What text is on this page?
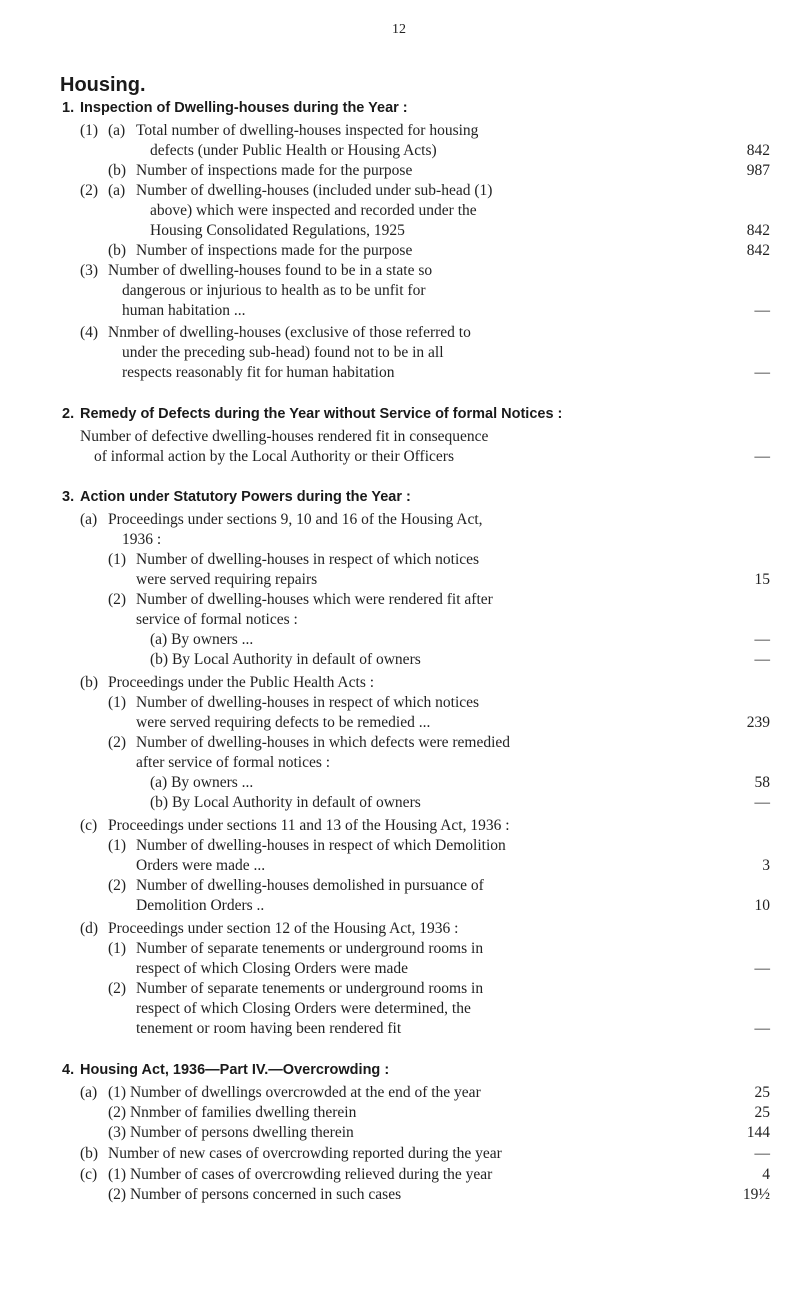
12
Housing.
1. Inspection of Dwelling-houses during the Year :
(1) (a) Total number of dwelling-houses inspected for housing
defects (under Public Health or Housing Acts)	842
(b) Number of inspections made for the purpose	987
(2) (a) Number of dwelling-houses (included under sub-head (1)
above) which were inspected and recorded under the
Housing Consolidated Regulations, 1925	842
(b) Number of inspections made for the purpose	842
(3) Number of dwelling-houses found to be in a state so
dangerous or injurious to health as to be unfit for
human habitation ...	—
(4) Nnmber of dwelling-houses (exclusive of those referred to
under the preceding sub-head) found not to be in all
respects reasonably fit for human habitation	—
2. Remedy of Defects during the Year without Service of formal Notices :
Number of defective dwelling-houses rendered fit in consequence
of informal action by the Local Authority or their Officers	—
3. Action under Statutory Powers during the Year :
(a) Proceedings under sections 9, 10 and 16 of the Housing Act,
1936 :
(1) Number of dwelling-houses in respect of which notices
were served requiring repairs	15
(2) Number of dwelling-houses which were rendered fit after
service of formal notices :
(a) By owners ...	—
(b) By Local Authority in default of owners	—
(b) Proceedings under the Public Health Acts :
(1) Number of dwelling-houses in respect of which notices
were served requiring defects to be remedied ...	239
(2) Number of dwelling-houses in which defects were remedied
after service of formal notices :
(a) By owners ...	58
(b) By Local Authority in default of owners	—
(c) Proceedings under sections 11 and 13 of the Housing Act, 1936 :
(1) Number of dwelling-houses in respect of which Demolition
Orders were made ...	3
(2) Number of dwelling-houses demolished in pursuance of
Demolition Orders ..	10
(d) Proceedings under section 12 of the Housing Act, 1936 :
(1) Number of separate tenements or underground rooms in
respect of which Closing Orders were made	—
(2) Number of separate tenements or underground rooms in
respect of which Closing Orders were determined, the
tenement or room having been rendered fit	—
4. Housing Act, 1936—Part IV.—Overcrowding :
(a) (1) Number of dwellings overcrowded at the end of the year	25
(2) Nnmber of families dwelling therein	25
(3) Number of persons dwelling therein	144
(b) Number of new cases of overcrowding reported during the year	—
(c) (1) Number of cases of overcrowding relieved during the year	4
(2) Number of persons concerned in such cases	19½
